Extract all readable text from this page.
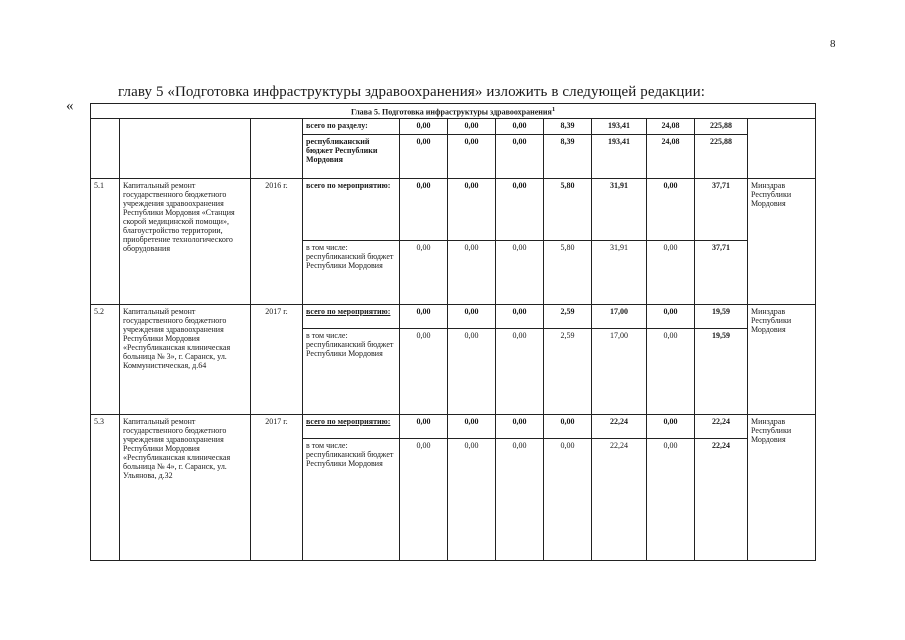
8
«
главу 5 «Подготовка инфраструктуры здравоохранения» изложить в следующей редакции:
Глава 5. Подготовка инфраструктуры здравоохранения$^1$
			всего по разделу:	0,00	0,00	0,00	8,39	193,41	24,08	225,88	
			республиканский бюджет Республики Мордовия	0,00	0,00	0,00	8,39	193,41	24,08	225,88	
5.1	Капитальный ремонт государственного бюджетного учреждения здравоохранения Республики Мордовия «Станция скорой медицинской помощи», благоустройство территории, приобретение технологического оборудования	2016 г.	всего по мероприятию:	0,00	0,00	0,00	5,80	31,91	0,00	37,71	Минздрав Республики Мордовия
			в том числе: республиканский бюджет Республики Мордовия	0,00	0,00	0,00	5,80	31,91	0,00	37,71	
5.2	Капитальный ремонт государственного бюджетного учреждения здравоохранения Республики Мордовия «Республиканская клиническая больница № 3», г. Саранск, ул. Коммунистическая, д.64	2017 г.	всего по мероприятию:	0,00	0,00	0,00	2,59	17,00	0,00	19,59	Минздрав Республики Мордовия
			в том числе: республиканский бюджет Республики Мордовия	0,00	0,00	0,00	2,59	17,00	0,00	19,59	
5.3	Капитальный ремонт государственного бюджетного учреждения здравоохранения Республики Мордовия «Республиканская клиническая больница № 4», г. Саранск, ул. Ульянова, д.32	2017 г.	всего по мероприятию:	0,00	0,00	0,00	0,00	22,24	0,00	22,24	Минздрав Республики Мордовия
			в том числе: республиканский бюджет Республики Мордовия	0,00	0,00	0,00	0,00	22,24	0,00	22,24	
